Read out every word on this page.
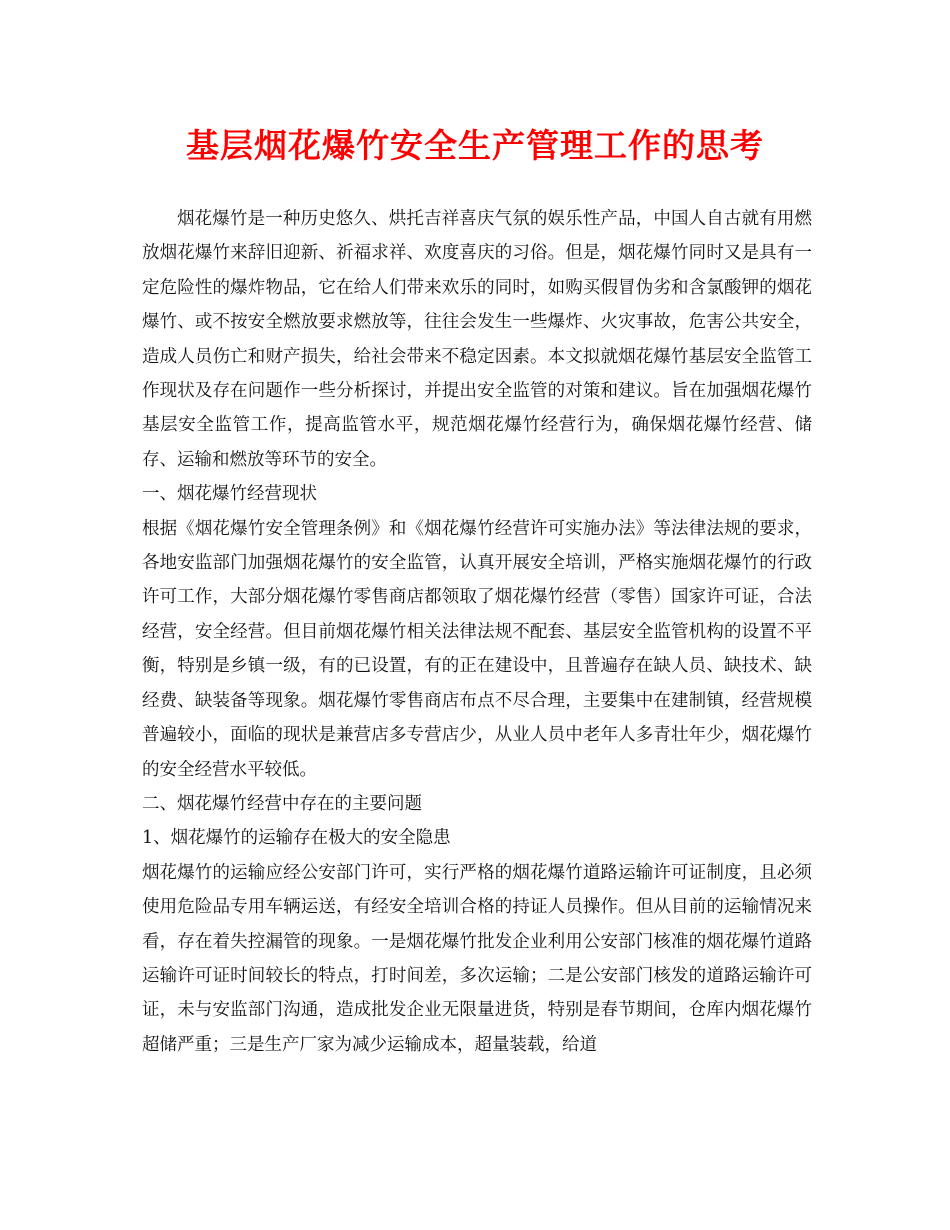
基层烟花爆竹安全生产管理工作的思考

烟花爆竹是一种历史悠久、烘托吉祥喜庆气氛的娱乐性产品，中国人自古就有用燃放烟花爆竹来辞旧迎新、祈福求祥、欢度喜庆的习俗。但是，烟花爆竹同时又是具有一定危险性的爆炸物品，它在给人们带来欢乐的同时，如购买假冒伪劣和含氯酸钾的烟花爆竹、或不按安全燃放要求燃放等，往往会发生一些爆炸、火灾事故，危害公共安全，造成人员伤亡和财产损失，给社会带来不稳定因素。本文拟就烟花爆竹基层安全监管工作现状及存在问题作一些分析探讨，并提出安全监管的对策和建议。旨在加强烟花爆竹基层安全监管工作，提高监管水平，规范烟花爆竹经营行为，确保烟花爆竹经营、储存、运输和燃放等环节的安全。

一、烟花爆竹经营现状

根据《烟花爆竹安全管理条例》和《烟花爆竹经营许可实施办法》等法律法规的要求，各地安监部门加强烟花爆竹的安全监管，认真开展安全培训，严格实施烟花爆竹的行政许可工作，大部分烟花爆竹零售商店都领取了烟花爆竹经营（零售）国家许可证，合法经营，安全经营。但目前烟花爆竹相关法律法规不配套、基层安全监管机构的设置不平衡，特别是乡镇一级，有的已设置，有的正在建设中，且普遍存在缺人员、缺技术、缺经费、缺装备等现象。烟花爆竹零售商店布点不尽合理，主要集中在建制镇，经营规模普遍较小，面临的现状是兼营店多专营店少，从业人员中老年人多青壮年少，烟花爆竹的安全经营水平较低。

二、烟花爆竹经营中存在的主要问题

1、烟花爆竹的运输存在极大的安全隐患

烟花爆竹的运输应经公安部门许可，实行严格的烟花爆竹道路运输许可证制度，且必须使用危险品专用车辆运送，有经安全培训合格的持证人员操作。但从目前的运输情况来看，存在着失控漏管的现象。一是烟花爆竹批发企业利用公安部门核准的烟花爆竹道路运输许可证时间较长的特点，打时间差，多次运输；二是公安部门核发的道路运输许可证，未与安监部门沟通，造成批发企业无限量进货，特别是春节期间，仓库内烟花爆竹超储严重；三是生产厂家为减少运输成本，超量装载，给道
